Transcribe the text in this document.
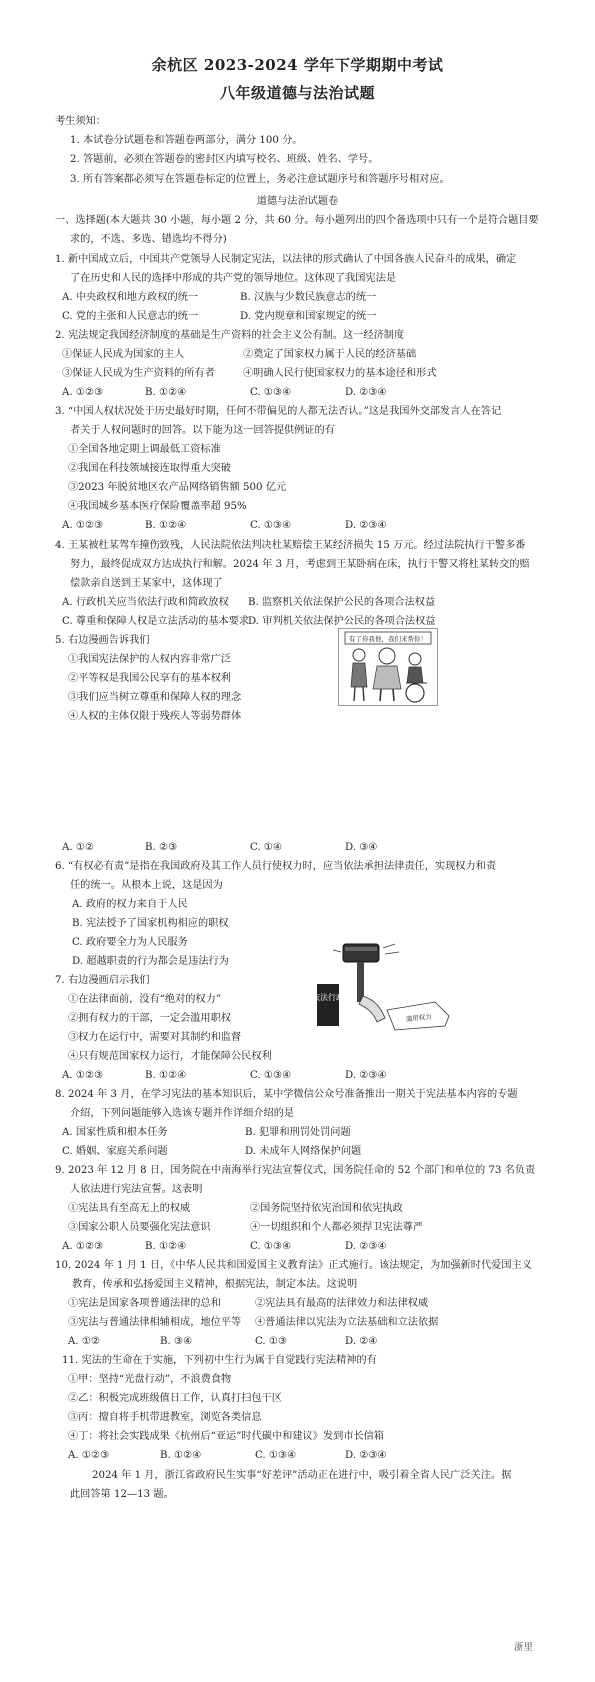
余杭区 2023-2024 学年下学期期中考试
八年级道德与法治试题
考生须知：
1. 本试卷分试题卷和答题卷两部分，满分 100 分。
2. 答题前，必须在答题卷的密封区内填写校名、班级、姓名、学号。
3. 所有答案都必须写在答题卷标定的位置上，务必注意试题序号和答题序号相对应。
道德与法治试题卷
一、选择题(本大题共 30 小题，每小题 2 分，共 60 分。每小题列出的四个备选项中只有一个是符合题目要
求的，不选、多选、错选均不得分)
1. 新中国成立后，中国共产党领导人民制定宪法，以法律的形式确认了中国各族人民奋斗的成果，确定
了在历史和人民的选择中形成的共产党的领导地位。这体现了我国宪法是
A. 中央政权和地方政权的统一	B. 汉族与少数民族意志的统一
C. 党的主张和人民意志的统一	D. 党内规章和国家规定的统一
2. 宪法规定我国经济制度的基础是生产资料的社会主义公有制。这一经济制度
①保证人民成为国家的主人	②奠定了国家权力属于人民的经济基础
③保证人民成为生产资料的所有者	④明确人民行使国家权力的基本途径和形式
A. ①②③	B. ①②④	C. ①③④	D. ②③④
3. “中国人权状况处于历史最好时期，任何不带偏见的人都无法否认。”这是我国外交部发言人在答记
者关于人权问题时的回答。以下能为这一回答提供例证的有
①全国各地定期上调最低工资标准
②我国在科技领域接连取得重大突破
③2023 年脱贫地区农产品网络销售额 500 亿元
④我国城乡基本医疗保险覆盖率超 95%
A. ①②③	B. ①②④	C. ①③④	D. ②③④
4. 王某被杜某驾车撞伤致残，人民法院依法判决杜某赔偿王某经济损失 15 万元。经过法院执行干警多番
努力，最终促成双方达成执行和解。2024 年 3 月，考虑到王某卧病在床，执行干警又将杜某转交的赔
偿款亲自送到王某家中，这体现了
A. 行政机关应当依法行政和简政放权 B. 监察机关依法保护公民的各项合法权益
C. 尊重和保障人权是立法活动的基本要求
D. 审判机关依法保护公民的各项合法权益
5. 右边漫画告诉我们
①我国宪法保护的人权内容非常广泛
②平等权是我国公民享有的基本权利
③我们应当树立尊重和保障人权的理念
④人权的主体仅限于残疾人等弱势群体
有了你我他，我们来帮你！
A. ①②	B. ②③	C. ①④	D. ③④
6. “有权必有责”是指在我国政府及其工作人员行使权力时，应当依法承担法律责任，实现权力和责
任的统一。从根本上说，这是因为
A. 政府的权力来自于人民
B. 宪法授予了国家机构相应的职权
C. 政府要全力为人民服务
D. 超越职责的行为都会是违法行为
7. 右边漫画启示我们
①在法律面前，没有“绝对的权力”
②拥有权力的干部，一定会滥用职权
③权力在运行中，需要对其制约和监督
④只有规范国家权力运行，才能保障公民权利
依法行政
滥用权力
A. ①②③	B. ①②④	C. ①③④	D. ②③④
8. 2024 年 3 月，在学习宪法的基本知识后，某中学微信公众号准备推出一期关于宪法基本内容的专题
介绍，下列问题能够入选该专题并作详细介绍的是
A. 国家性质和根本任务	B. 犯罪和刑罚处罚问题
C. 婚姻、家庭关系问题	D. 未成年人网络保护问题
9. 2023 年 12 月 8 日，国务院在中南海举行宪法宣誓仪式，国务院任命的 52 个部门和单位的 73 名负责
人依法进行宪法宣誓。这表明
①宪法具有至高无上的权威	②国务院坚持依宪治国和依宪执政
③国家公职人员要强化宪法意识	④一切组织和个人都必须捍卫宪法尊严
A. ①②③	B. ①②④	C. ①③④	D. ②③④
10. 2024 年 1 月 1 日，《中华人民共和国爱国主义教育法》正式施行。该法规定，为加强新时代爱国主义
教育，传承和弘扬爱国主义精神，根据宪法，制定本法。这说明
①宪法是国家各项普通法律的总和	②宪法具有最高的法律效力和法律权威
③宪法与普通法律相辅相成，地位平等 ④普通法律以宪法为立法基础和立法依据
A. ①②	B. ③④	C. ①③	D. ②④
11. 宪法的生命在于实施，下列初中生行为属于自觉践行宪法精神的有
①甲：坚持“光盘行动”，不浪费食物
②乙：积极完成班级值日工作，认真打扫包干区
③丙：擅自将手机带进教室，浏览各类信息
④丁：将社会实践成果《杭州后“亚运”时代碳中和建议》发到市长信箱
A. ①②③	B. ①②④	C. ①③④	D. ②③④
2024 年 1 月，浙江省政府民生实事“好差评”活动正在进行中，吸引着全省人民广泛关注。据
此回答第 12—13 题。
浙里
